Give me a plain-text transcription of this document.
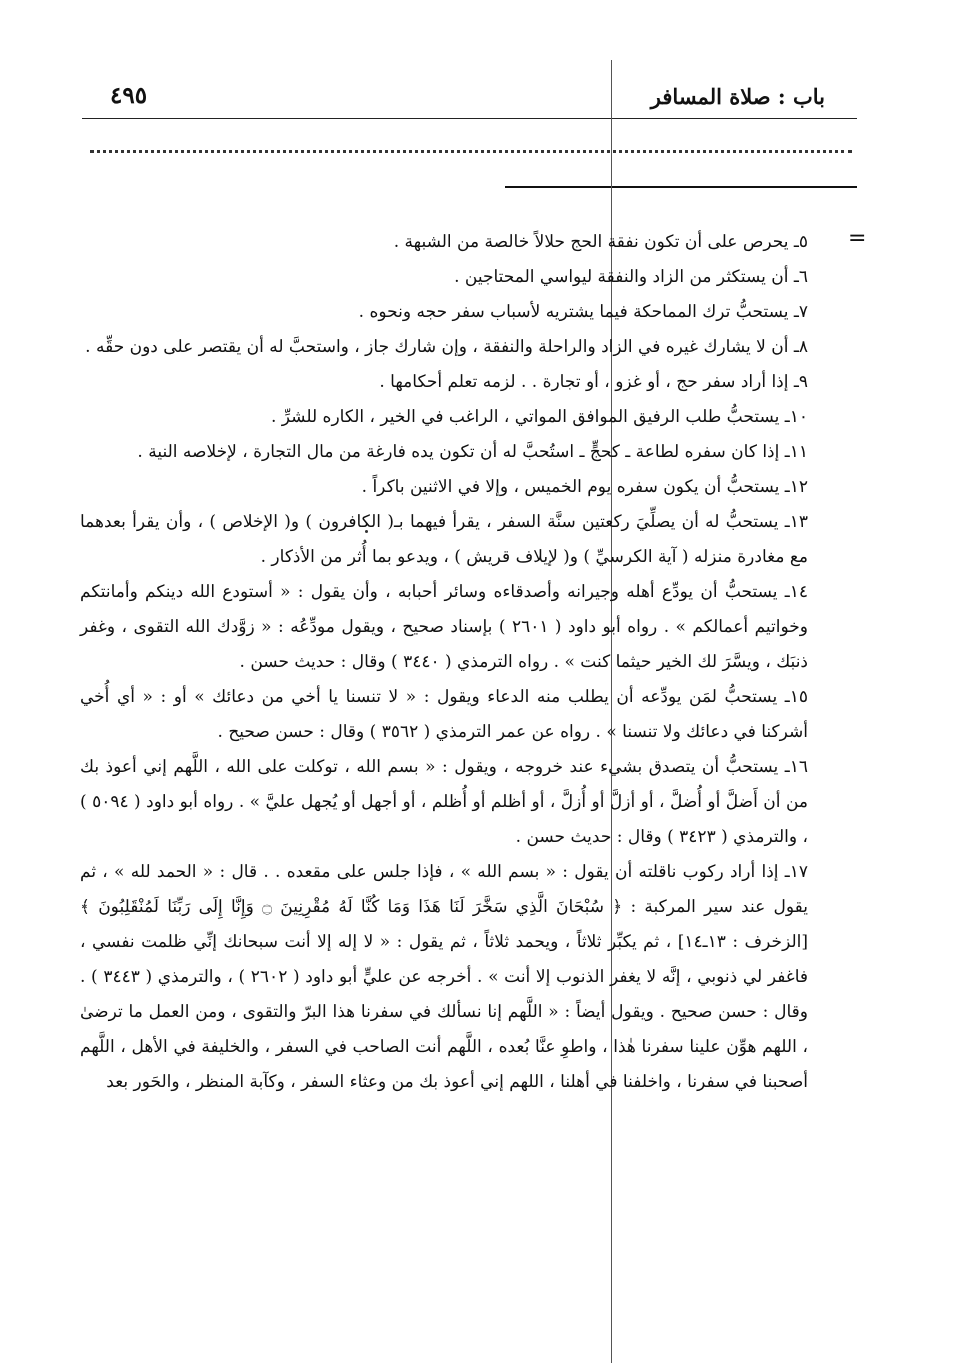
باب : صلاة المسافر
٤٩٥
=

٥ـ يحرص على أن تكون نفقة الحج حلالاً خالصة من الشبهة .

٦ـ أن يستكثر من الزاد والنفقة ليواسي المحتاجين .

٧ـ يستحبُّ ترك المماحكة فيما يشتريه لأسباب سفر حجه ونحوه .

٨ـ أن لا يشارك غيره في الزاد والراحلة والنفقة ، وإن شارك جاز ، واستحبَّ له أن يقتصر على دون حقِّه .

٩ـ إذا أراد سفر حج ، أو غزو ، أو تجارة . . لزمه تعلم أحكامها .

١٠ـ يستحبُّ طلب الرفيق الموافق المواتي ، الراغب في الخير ، الكاره للشرِّ .

١١ـ إذا كان سفره لطاعة ـ كحجٍّ ـ استُحبَّ له أن تكون يده فارغة من مال التجارة ، لإخلاصه النية .

١٢ـ يستحبُّ أن يكون سفره يوم الخميس ، وإلا في الاثنين باكراً .

١٣ـ يستحبُّ له أن يصلِّيَ ركعتين سنَّة السفر ، يقرأ فيهما بـ( الكافرون ) و( الإخلاص ) ، وأن يقرأ بعدهما مع مغادرة منزله ( آية الكرسيِّ ) و( لإيلاف قريش ) ، ويدعو بما أُثر من الأذكار .

١٤ـ يستحبُّ أن يودِّع أهله وجيرانه وأصدقاءه وسائر أحبابه ، وأن يقول : « أستودع الله دينكم وأمانتكم وخواتيم أعمالكم » . رواه أبو داود ( ٢٦٠١ ) بإسناد صحيح ، ويقول مودِّعُه : « زوَّدك الله التقوى ، وغفر ذنبَك ، ويسَّرَ لك الخير حيثما كنت » . رواه الترمذي ( ٣٤٤٠ ) وقال : حديث حسن .

١٥ـ يستحبُّ لمَن يودِّعه أن يطلب منه الدعاء ويقول : « لا تنسنا يا أخي من دعائك » أو : « أي أُخي أشركنا في دعائك ولا تنسنا » . رواه عن عمر الترمذي ( ٣٥٦٢ ) وقال : حسن صحيح .

١٦ـ يستحبُّ أن يتصدق بشيء عند خروجه ، ويقول : « بسم الله ، توكلت على الله ، اللَّهم إني أعوذ بك من أن أَضلَّ أو أُضلَّ ، أو أزلَّ أو أُزلَّ ، أو أظلم أو أُظلم ، أو أجهل أو يُجهل عليَّ » . رواه أبو داود ( ٥٠٩٤ ) ، والترمذي ( ٣٤٢٣ ) وقال : حديث حسن .

١٧ـ إذا أراد ركوب ناقلته أن يقول : « بسم الله » ، فإذا جلس على مقعده . . قال : « الحمد لله » ، ثم يقول عند سير المركبة : ﴿ سُبْحَانَ الَّذِي سَخَّرَ لَنَا هَذَا وَمَا كُنَّا لَهُ مُقْرِنِينَ ۝ وَإِنَّا إِلَى رَبِّنَا لَمُنْقَلِبُونَ ﴾ [الزخرف : ١٣ـ١٤] ، ثم يكبِّر ثلاثاً ، ويحمد ثلاثاً ، ثم يقول : « لا إله إلا أنت سبحانك إنِّي ظلمت نفسي ، فاغفر لي ذنوبي ، إنَّه لا يغفر الذنوب إلا أنت » . أخرجه عن عليٍّ أبو داود ( ٢٦٠٢ ) ، والترمذي ( ٣٤٤٣ ) . وقال : حسن صحيح . ويقول أيضاً : « اللَّهم إنا نسألك في سفرنا هذا البرّ والتقوى ، ومن العمل ما ترضىٰ ، اللهم هوِّن علينا سفرنا هٰذا ، واطوِ عنَّا بُعده ، اللَّهم أنت الصاحب في السفر ، والخليفة في الأهل ، اللَّهم أصحبنا في سفرنا ، واخلفنا في أهلنا ، اللهم إني أعوذ بك من وعثاء السفر ، وكآبة المنظر ، والحَور بعد
